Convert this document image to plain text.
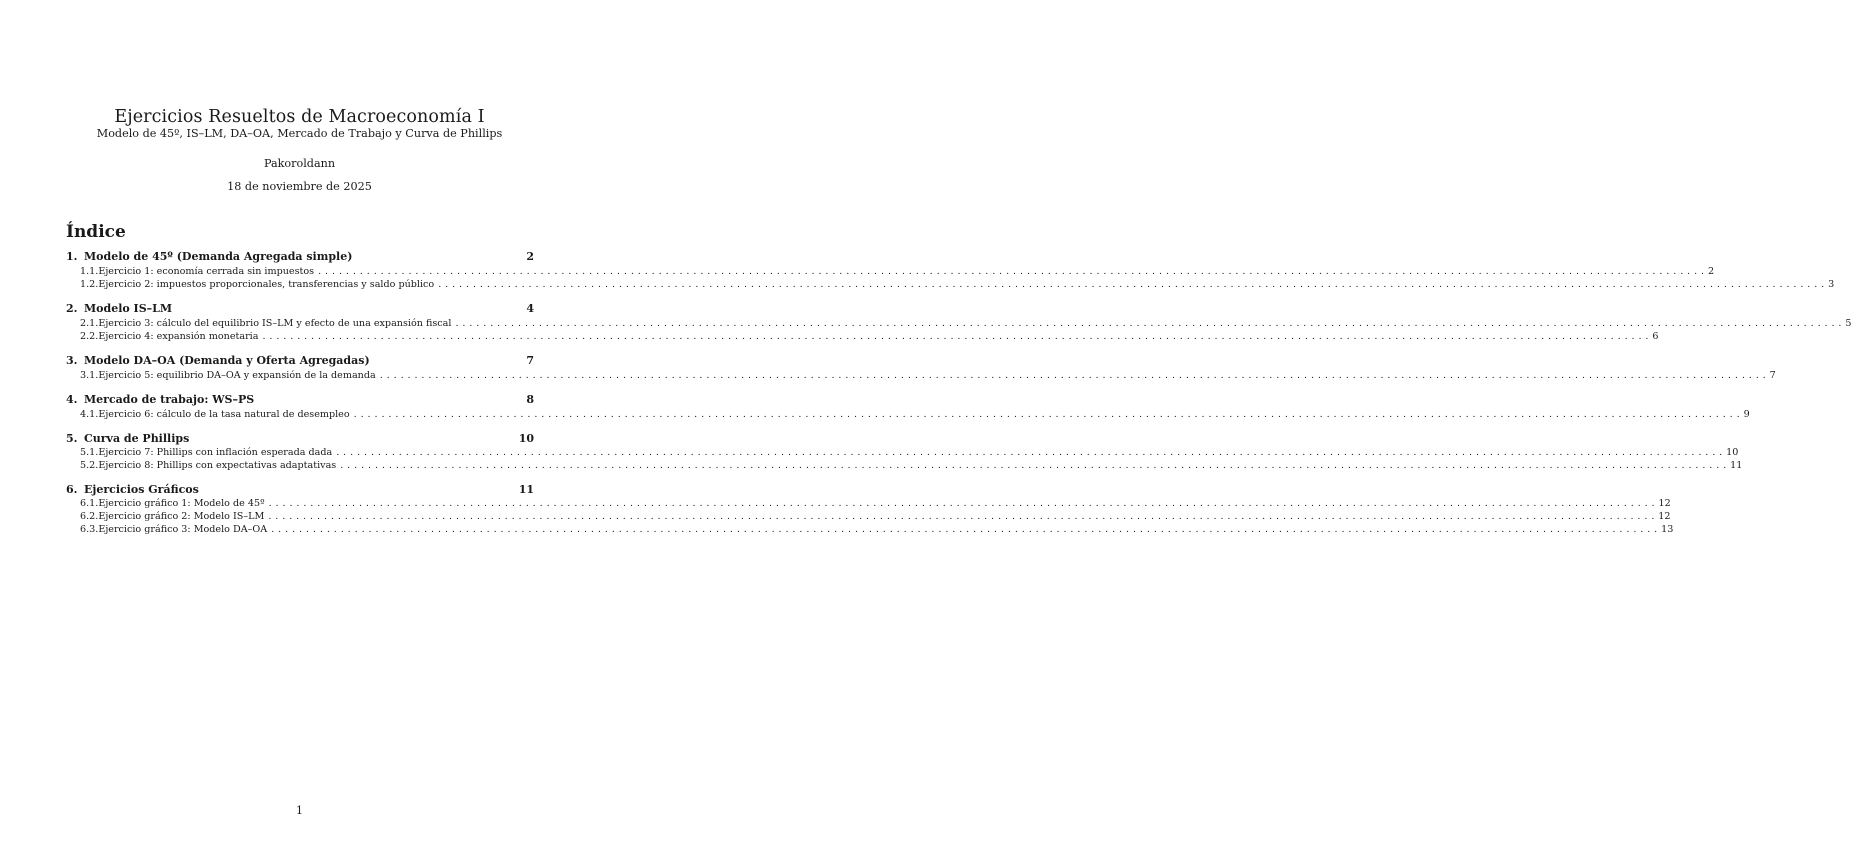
Ejercicios Resueltos de Macroeconomía I
Modelo de 45º, IS–LM, DA–OA, Mercado de Trabajo y Curva de Phillips
Pakoroldann
18 de noviembre de 2025
Índice
1. Modelo de 45º (Demanda Agregada simple)	2
1.1. Ejercicio 1: economía cerrada sin impuestos ........................................................................................................................................................................................................ 2
1.2. Ejercicio 2: impuestos proporcionales, transferencias y saldo público ........................................................................................................................................................................................................ 3
2. Modelo IS–LM	4
2.1. Ejercicio 3: cálculo del equilibrio IS–LM y efecto de una expansión fiscal ........................................................................................................................................................................................................ 5
2.2. Ejercicio 4: expansión monetaria ........................................................................................................................................................................................................ 6
3. Modelo DA–OA (Demanda y Oferta Agregadas)	7
3.1. Ejercicio 5: equilibrio DA–OA y expansión de la demanda ........................................................................................................................................................................................................ 7
4. Mercado de trabajo: WS–PS	8
4.1. Ejercicio 6: cálculo de la tasa natural de desempleo ........................................................................................................................................................................................................ 9
5. Curva de Phillips	10
5.1. Ejercicio 7: Phillips con inflación esperada dada ........................................................................................................................................................................................................ 10
5.2. Ejercicio 8: Phillips con expectativas adaptativas ........................................................................................................................................................................................................ 11
6. Ejercicios Gráficos	11
6.1. Ejercicio gráfico 1: Modelo de 45º ........................................................................................................................................................................................................ 12
6.2. Ejercicio gráfico 2: Modelo IS–LM ........................................................................................................................................................................................................ 12
6.3. Ejercicio gráfico 3: Modelo DA–OA ........................................................................................................................................................................................................ 13
1
